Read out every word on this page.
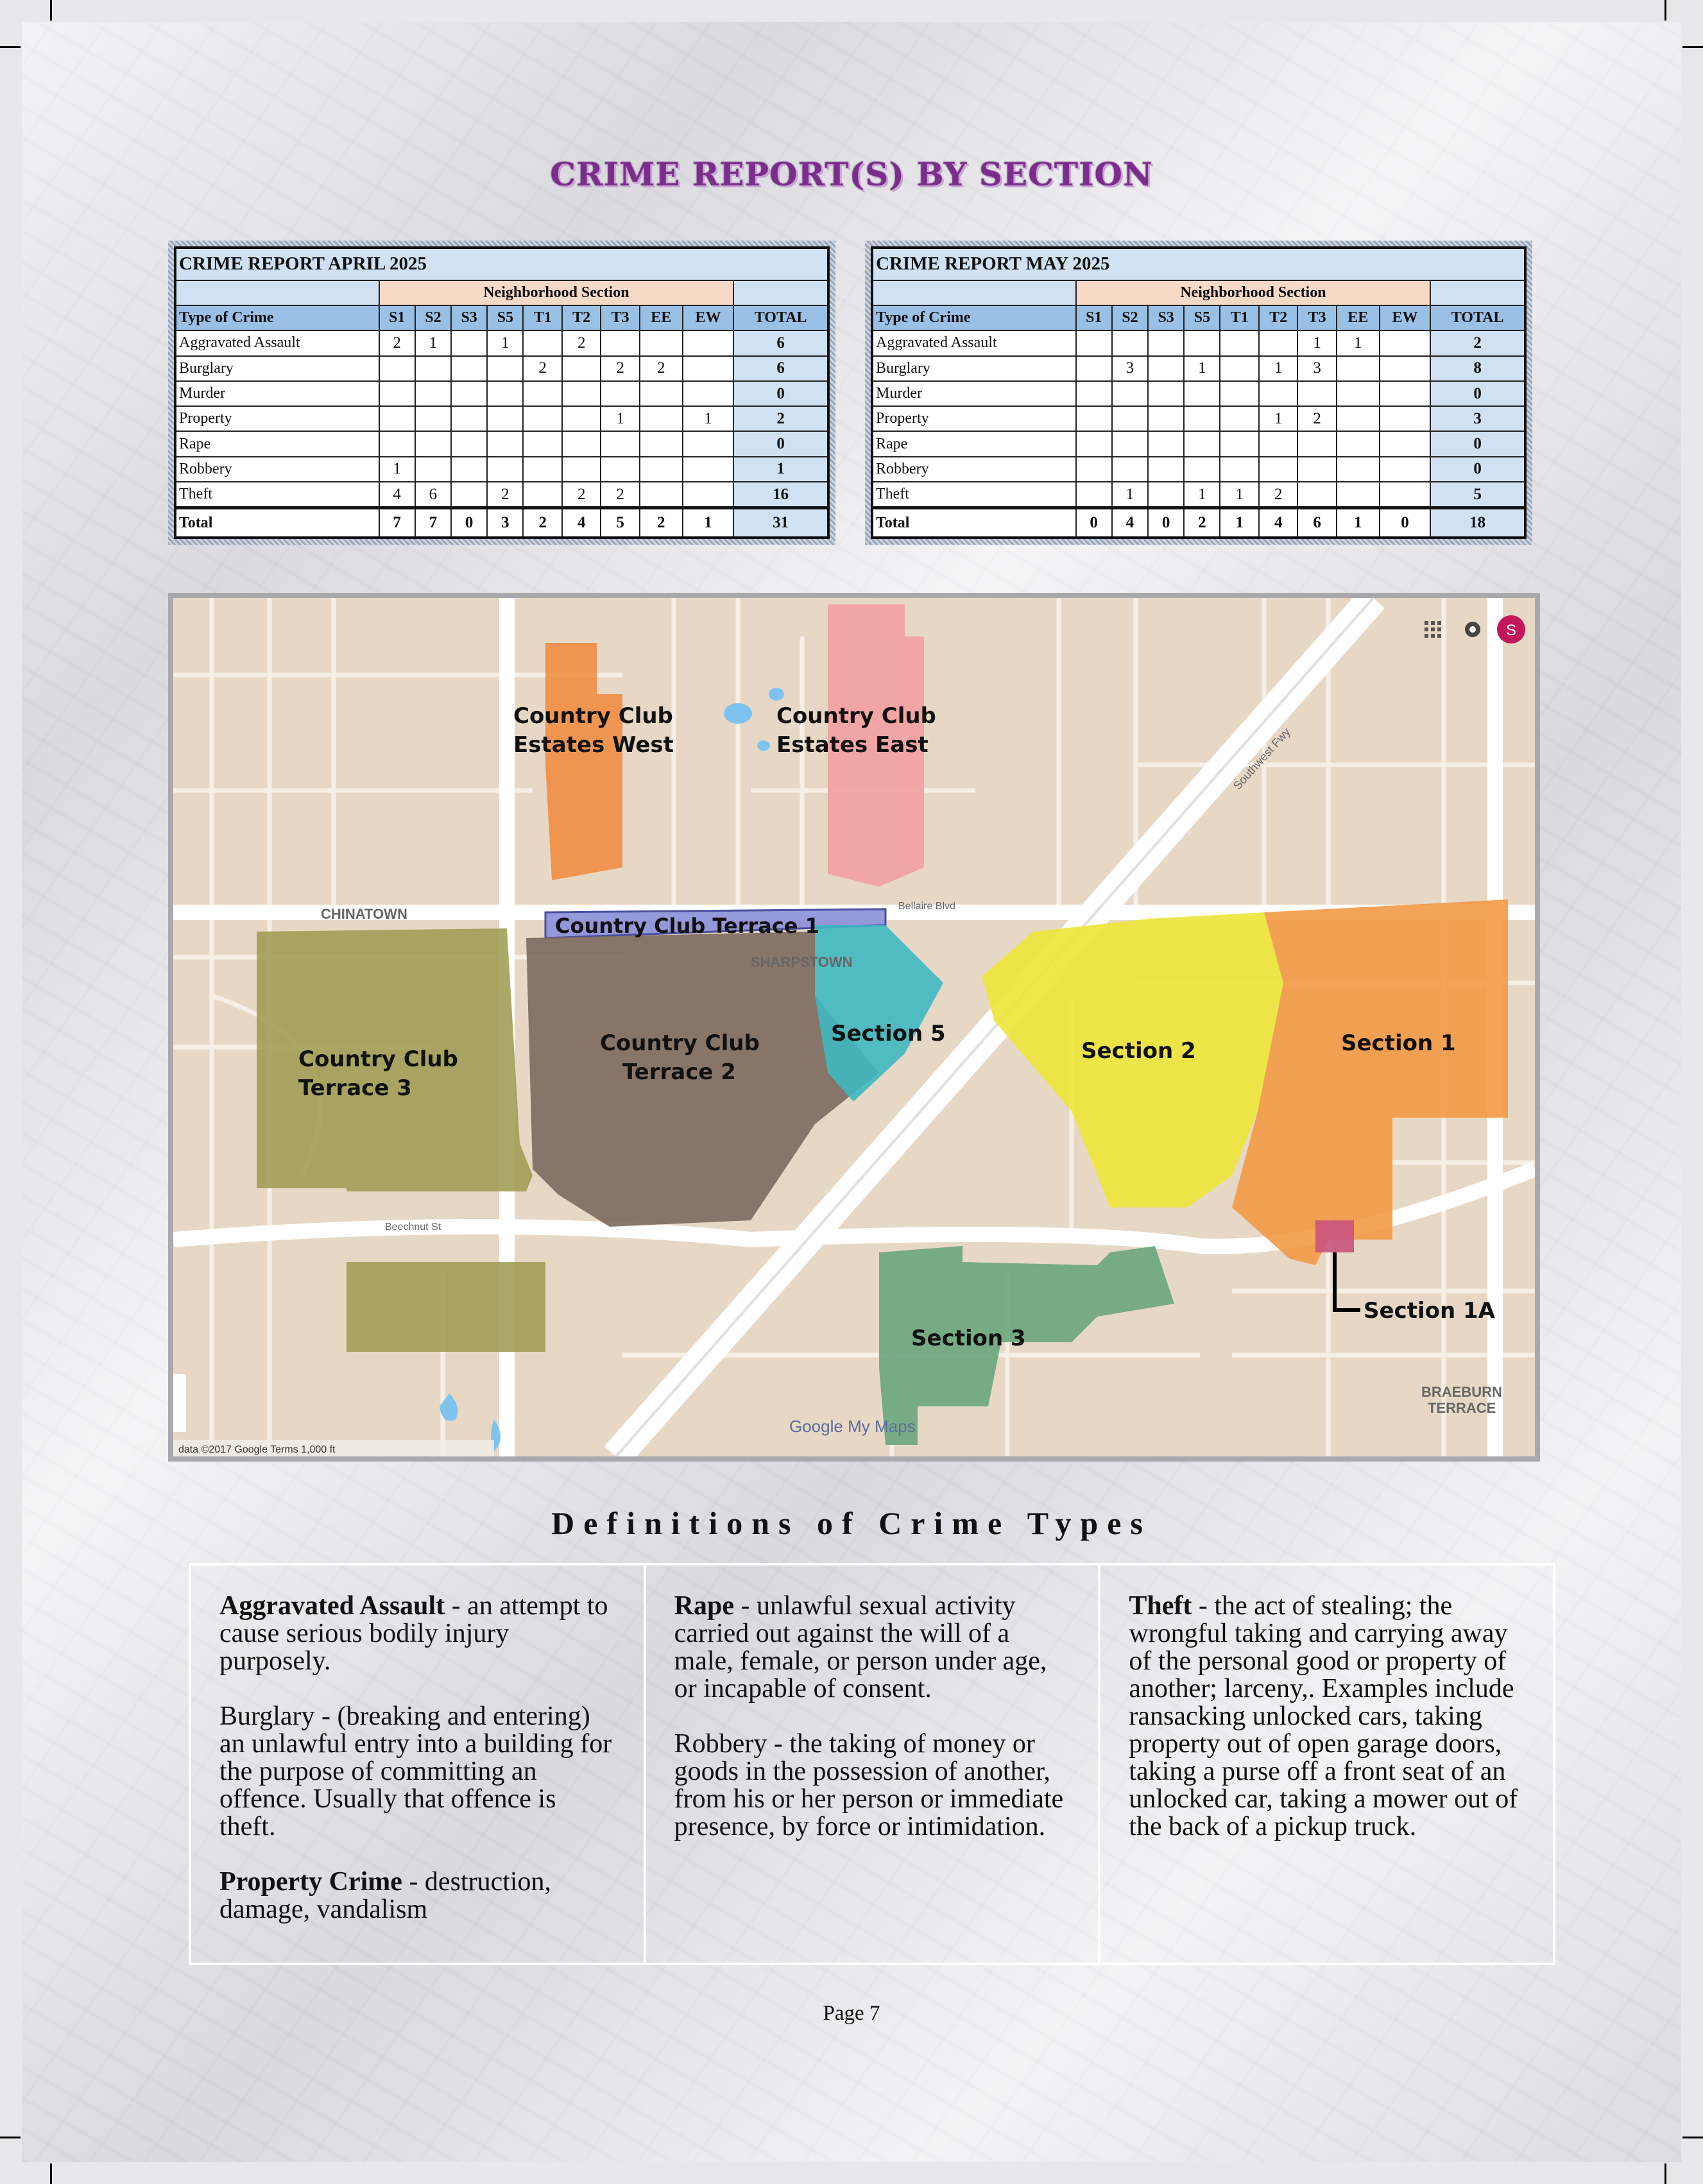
CRIME REPORT(S) BY SECTION
CRIME REPORT APRIL 2025										
	Neighborhood Section									
Type of Crime	S1	S2	S3	S5	T1	T2	T3	EE	EW	TOTAL
Aggravated Assault	2	1		1		2				6
Burglary					2		2	2		6
Murder										0
Property							1		1	2
Rape										0
Robbery	1									1
Theft	4	6		2		2	2			16
Total	7	7	0	3	2	4	5	2	1	31
CRIME REPORT MAY 2025										
	Neighborhood Section									
Type of Crime	S1	S2	S3	S5	T1	T2	T3	EE	EW	TOTAL
Aggravated Assault							1	1		2
Burglary		3		1		1	3			8
Murder										0
Property						1	2			3
Rape										0
Robbery										0
Theft		1		1	1	2				5
Total	0	4	0	2	1	4	6	1	0	18
Country Club
Estates West
Country Club
Estates East
Country Club Terrace 1
Country Club
Terrace 2
Country Club
Terrace 3
Section 5
Section 2	Section 1
Section 1A
Section 3
CHINATOWN
SHARPSTOWN
BRAEBURN
TERRACE
Bellaire Blvd
Beechnut St
Southwest Fwy
Google My Maps
data ©2017 Google Terms 1,000 ft
S
Definitions of Crime Types

Aggravated Assault - an attempt to cause serious bodily injury purposely.

Burglary - (breaking and entering) an unlawful entry into a building for the purpose of committing an offence. Usually that offence is theft.

Property Crime - destruction, damage, vandalism

Rape - unlawful sexual activity carried out against the will of a male, female, or person under age, or incapable of consent.

Robbery - the taking of money or goods in the possession of another, from his or her person or immediate presence, by force or intimidation.

Theft - the act of stealing; the wrongful taking and carrying away of the personal good or property of another; larceny,. Examples include ransacking unlocked cars, taking property out of open garage doors, taking a purse off a front seat of an unlocked car, taking a mower out of the back of a pickup truck.

Page 7
